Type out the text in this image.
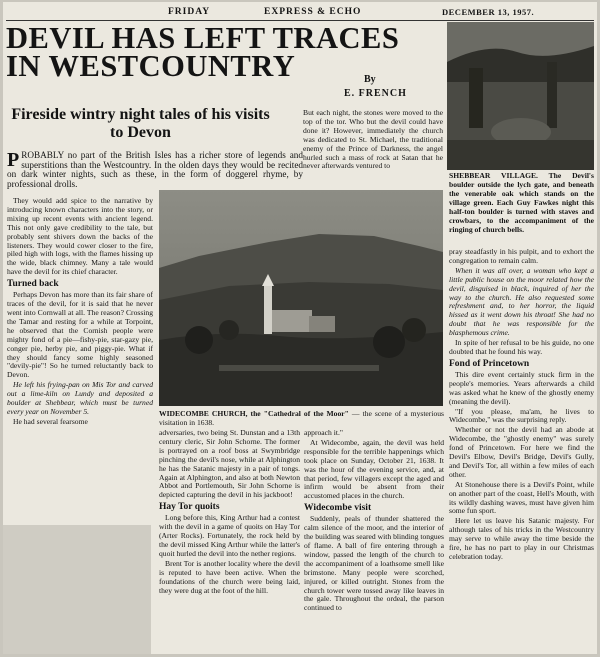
FRIDAY	EXPRESS & ECHO	DECEMBER 13, 1957.
DEVIL HAS LEFT TRACES
IN WESTCOUNTRY	By
E. FRENCH
Fireside wintry night tales of his visits to Devon

But each night, the stones were moved to the top of the tor. Who but the devil could have done it? However, immediately the church was dedicated to St. Michael, the traditional enemy of the Prince of Darkness, the angel hurled such a mass of rock at Satan that he never afterwards ventured to

PROBABLY no part of the British Isles has a richer store of legends and superstitions than the Westcountry. In the olden days they would be recited on dark winter nights, such as these, in the form of doggerel rhyme, by professional drolls.

They would add spice to the narrative by introducing known characters into the story, or mixing up recent events with ancient legend. This not only gave credibility to the tale, but probably sent shivers down the backs of the listeners. They would cower closer to the fire, piled high with logs, with the flames hissing up the wide, black chimney. Many a tale would have the devil for its chief character.

Turned back

Perhaps Devon has more than its fair share of traces of the devil, for it is said that he never went into Cornwall at all. The reason? Crossing the Tamar and resting for a while at Torpoint, he observed that the Cornish people were mighty fond of a pie—fishy-pie, star-gazy pie, conger pie, herby pie, and piggy-pie. What if they should fancy some highly seasoned "devily-pie"! So he turned reluctantly back to Devon.

He left his frying-pan on Mis Tor and carved out a lime-kiln on Lundy and deposited a boulder at Shebbear, which must be turned every year on November 5.

He had several fearsome

WIDECOMBE CHURCH, the "Cathedral of the Moor" — the scene of a mysterious visitation in 1638.

adversaries, two being St. Dunstan and a 13th century cleric, Sir John Schorne. The former is portrayed on a roof boss at Swymbridge pinching the devil's nose, while at Alphington he has the Satanic majesty in a pair of tongs. Again at Alphington, and also at both Newton Abbot and Portlemouth, Sir John Schorne is depicted capturing the devil in his jackboot!

Hay Tor quoits

Long before this, King Arthur had a contest with the devil in a game of quoits on Hay Tor (Arter Rocks). Fortunately, the rock held by the devil missed King Arthur while the latter's quoit hurled the devil into the nether regions.

Brent Tor is another locality where the devil is reputed to have been active. When the foundations of the church were being laid, they were dug at the foot of the hill.

approach it."

At Widecombe, again, the devil was held responsible for the terrible happenings which took place on Sunday, October 21, 1638. It was the hour of the evening service, and, at that period, few villagers except the aged and infirm would be absent from their accustomed places in the church.

Widecombe visit

Suddenly, peals of thunder shattered the calm silence of the moor, and the interior of the building was seared with blinding tongues of flame. A ball of fire entering through a window, passed the length of the church to the accompaniment of a loathsome smell like brimstone. Many people were scorched, injured, or killed outright. Stones from the church tower were tossed away like leaves in the gale. Throughout the ordeal, the parson continued to

SHEBBEAR VILLAGE. The Devil's boulder outside the lych gate, and beneath the venerable oak which stands on the village green. Each Guy Fawkes night this half-ton boulder is turned with staves and crowbars, to the accompaniment of the ringing of church bells.

pray steadfastly in his pulpit, and to exhort the congregation to remain calm.

When it was all over, a woman who kept a little public house on the moor related how the devil, disguised in black, inquired of her the way to the church. He also requested some refreshment and, to her horror, the liquid hissed as it went down his throat! She had no doubt that he was responsible for the blasphemous crime.

In spite of her refusal to be his guide, no one doubted that he found his way.

Fond of Princetown

This dire event certainly stuck firm in the people's memories. Years afterwards a child was asked what he knew of the ghostly enemy (meaning the devil).

"If you please, ma'am, he lives to Widecombe," was the surprising reply.

Whether or not the devil had an abode at Widecombe, the "ghostly enemy" was surely fond of Princetown. For here we find the Devil's Elbow, Devil's Bridge, Devil's Gully, and Devil's Tor, all within a few miles of each other.

At Stonehouse there is a Devil's Point, while on another part of the coast, Hell's Mouth, with its wildly dashing waves, must have given him some fun sport.

Here let us leave his Satanic majesty. For although tales of his tricks in the Westcountry may serve to while away the time beside the fire, he has no part to play in our Christmas celebration today.
